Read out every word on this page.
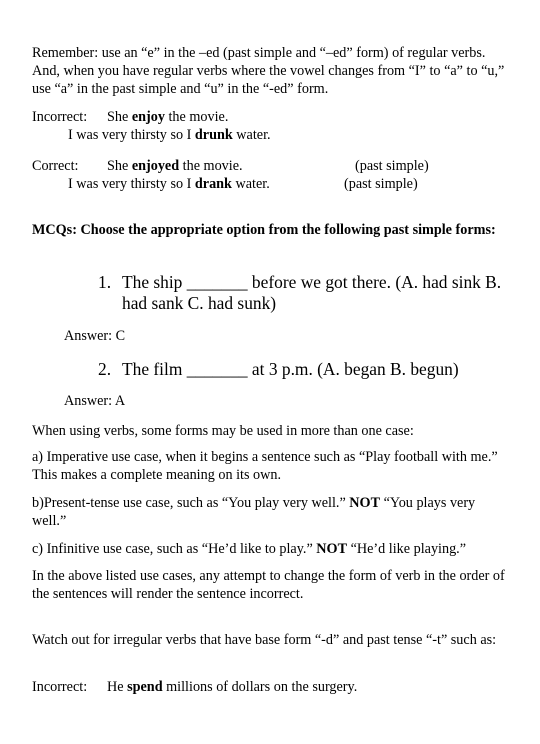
Remember: use an “e” in the –ed (past simple and “–ed” form) of regular verbs. And, when you have regular verbs where the vowel changes from “I” to “a” to “u,” use “a” in the past simple and “u” in the “-ed” form.

Incorrect: She enjoy the movie.
I was very thirsty so I drunk water.
Correct: She enjoyed the movie.	(past simple)
I was very thirsty so I drank water.	(past simple)

MCQs: Choose the appropriate option from the following past simple forms:

1. The ship _______ before we got there. (A. had sink B. had sank C. had sunk)
Answer: C
2. The film _______ at 3 p.m. (A. began B. begun)
Answer: A

When using verbs, some forms may be used in more than one case:

a) Imperative use case, when it begins a sentence such as “Play football with me.” This makes a complete meaning on its own.

b)Present-tense use case, such as “You play very well.” NOT “You plays very well.”

c) Infinitive use case, such as “He’d like to play.” NOT “He’d like playing.”

In the above listed use cases, any attempt to change the form of verb in the order of the sentences will render the sentence incorrect.

Watch out for irregular verbs that have base form “-d” and past tense “-t” such as:

Incorrect: He spend millions of dollars on the surgery.
